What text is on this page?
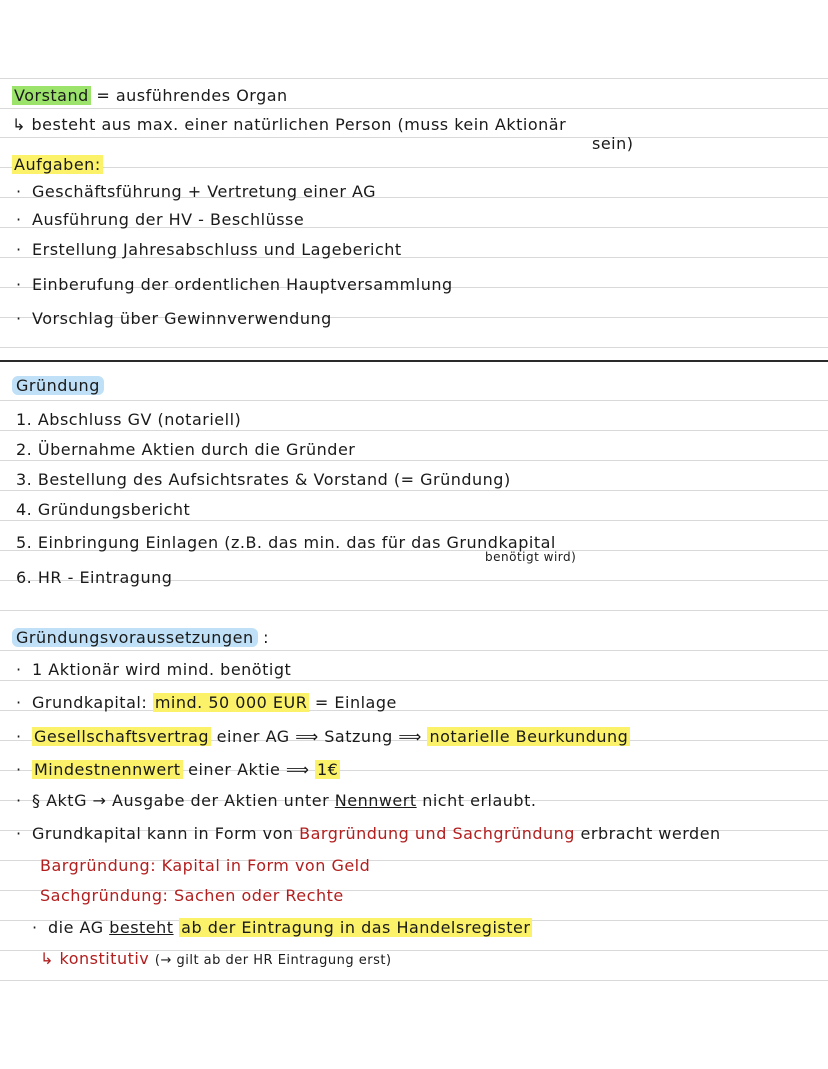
Vorstand = ausführendes Organ
↳ besteht aus max. einer natürlichen Person (muss kein Aktionär
sein)
Aufgaben:
· Geschäftsführung + Vertretung einer AG
· Ausführung der HV - Beschlüsse
· Erstellung Jahresabschluss und Lagebericht
· Einberufung der ordentlichen Hauptversammlung
· Vorschlag über Gewinnverwendung
Gründung
1. Abschluss GV (notariell)
2. Übernahme Aktien durch die Gründer
3. Bestellung des Aufsichtsrates & Vorstand (= Gründung)
4. Gründungsbericht
5. Einbringung Einlagen (z.B. das min. das für das Grundkapital
benötigt wird)
6. HR - Eintragung
Gründungsvoraussetzungen :
· 1 Aktionär wird mind. benötigt
· Grundkapital: mind. 50 000 EUR = Einlage
· Gesellschaftsvertrag einer AG ⟹ Satzung ⟹ notarielle Beurkundung
· Mindestnennwert einer Aktie ⟹ 1€
· § AktG → Ausgabe der Aktien unter Nennwert nicht erlaubt.
· Grundkapital kann in Form von Bargründung und Sachgründung erbracht werden
Bargründung: Kapital in Form von Geld
Sachgründung: Sachen oder Rechte
· die AG besteht ab der Eintragung in das Handelsregister
↳ konstitutiv (→ gilt ab der HR Eintragung erst)
